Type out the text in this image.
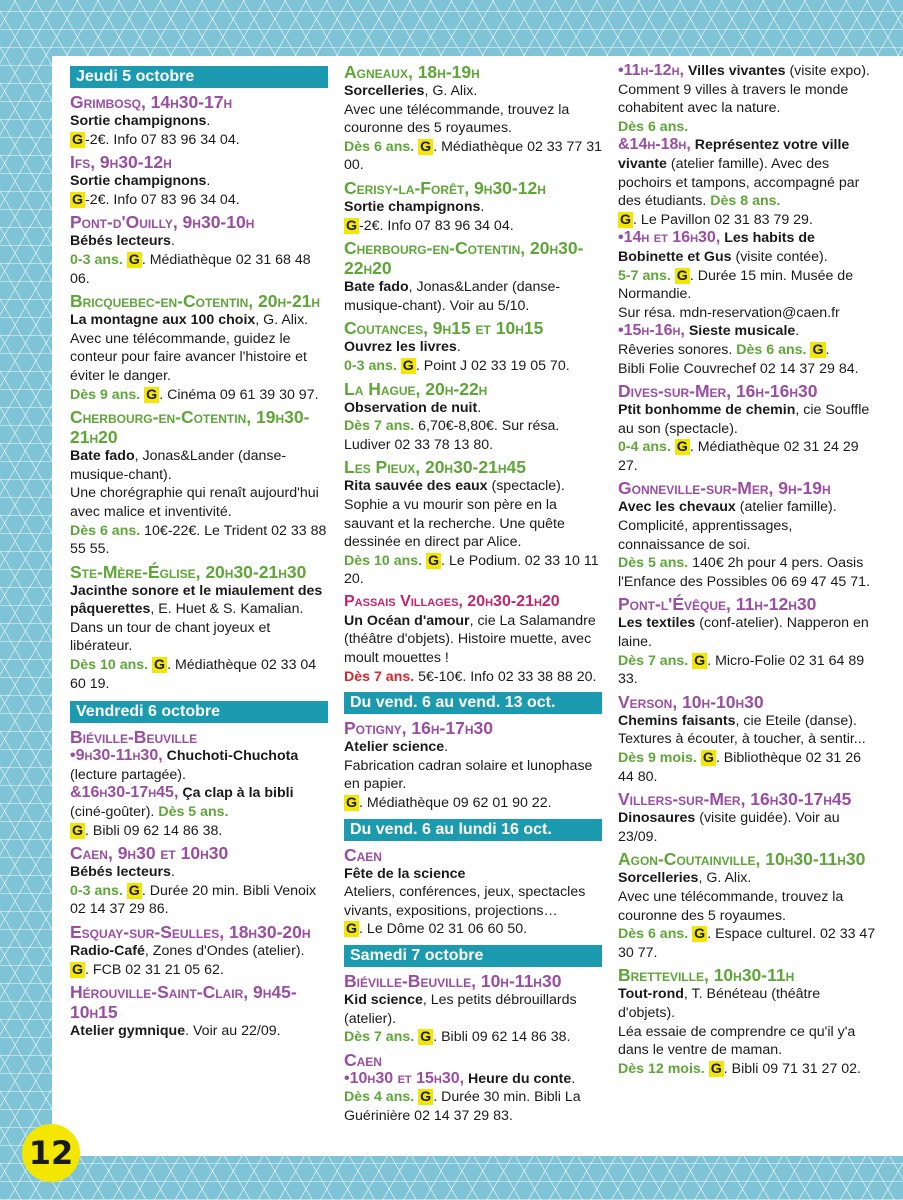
Jeudi 5 octobre
Grimbosq, 14h30-17h
Sortie champignons.
G -2€. Info 07 83 96 34 04.
Ifs, 9h30-12h
Sortie champignons.
G -2€. Info 07 83 96 34 04.
Pont-d'Ouilly, 9h30-10h
Bébés lecteurs.
0-3 ans. G . Médiathèque 02 31 68 48 06.
Bricquebec-en-Cotentin, 20h-21h
La montagne aux 100 choix, G. Alix.
Avec une télécommande, guidez le conteur pour faire avancer l'histoire et éviter le danger.
Dès 9 ans. G . Cinéma 09 61 39 30 97.
Cherbourg-en-Cotentin, 19h30-21h20
Bate fado, Jonas&Lander (danse-musique-chant).
Une chorégraphie qui renaît aujourd'hui avec malice et inventivité.
Dès 6 ans. 10€-22€. Le Trident 02 33 88 55 55.
Ste-Mère-Église, 20h30-21h30
Jacinthe sonore et le miaulement des pâquerettes, E. Huet & S. Kamalian.
Dans un tour de chant joyeux et libérateur.
Dès 10 ans. G . Médiathèque 02 33 04 60 19.
Vendredi 6 octobre
Biéville-Beuville
•9h30-11h30, Chuchoti-Chuchota (lecture partagée).
&16h30-17h45, Ça clap à la bibli (ciné-goûter). Dès 5 ans.
G . Bibli 09 62 14 86 38.
Caen, 9h30 et 10h30
Bébés lecteurs.
0-3 ans. G . Durée 20 min. Bibli Venoix 02 14 37 29 86.
Esquay-sur-Seulles, 18h30-20h
Radio-Café, Zones d'Ondes (atelier).
G . FCB 02 31 21 05 62.
Hérouville-Saint-Clair, 9h45-10h15
Atelier gymnique. Voir au 22/09.
Agneaux, 18h-19h
Sorcelleries, G. Alix.
Avec une télécommande, trouvez la couronne des 5 royaumes.
Dès 6 ans. G . Médiathèque 02 33 77 31 00.
Cerisy-la-Forêt, 9h30-12h
Sortie champignons.
G -2€. Info 07 83 96 34 04.
Cherbourg-en-Cotentin, 20h30-22h20
Bate fado, Jonas&Lander (danse-musique-chant). Voir au 5/10.
Coutances, 9h15 et 10h15
Ouvrez les livres.
0-3 ans. G . Point J 02 33 19 05 70.
La Hague, 20h-22h
Observation de nuit.
Dès 7 ans. 6,70€-8,80€. Sur résa. Ludiver 02 33 78 13 80.
Les Pieux, 20h30-21h45
Rita sauvée des eaux (spectacle). Sophie a vu mourir son père en la sauvant et la recherche. Une quête dessinée en direct par Alice.
Dès 10 ans. G . Le Podium. 02 33 10 11 20.
Passais Villages, 20h30-21h20
Un Océan d'amour, cie La Salamandre (théâtre d'objets). Histoire muette, avec moult mouettes !
Dès 7 ans. 5€-10€. Info 02 33 38 88 20.
Du vend. 6 au vend. 13 oct.
Potigny, 16h-17h30
Atelier science.
Fabrication cadran solaire et lunophase en papier.
G . Médiathèque 09 62 01 90 22.
Du vend. 6 au lundi 16 oct.
Caen
Fête de la science
Ateliers, conférences, jeux, spectacles vivants, expositions, projections…
G . Le Dôme 02 31 06 60 50.
Samedi 7 octobre
Biéville-Beuville, 10h-11h30
Kid science, Les petits débrouillards (atelier).
Dès 7 ans. G . Bibli 09 62 14 86 38.
Caen
•10h30 et 15h30, Heure du conte. Dès 4 ans. G . Durée 30 min. Bibli La Guérinière 02 14 37 29 83.
•11h-12h, Villes vivantes (visite expo). Comment 9 villes à travers le monde cohabitent avec la nature.
Dès 6 ans.
&14h-18h, Représentez votre ville vivante (atelier famille). Avec des pochoirs et tampons, accompagné par des étudiants. Dès 8 ans.
G . Le Pavillon 02 31 83 79 29.
•14h et 16h30, Les habits de Bobinette et Gus (visite contée).
5-7 ans. G . Durée 15 min. Musée de Normandie.
Sur résa. mdn-reservation@caen.fr
•15h-16h, Sieste musicale.
Rêveries sonores. Dès 6 ans. G .
Bibli Folie Couvrechef 02 14 37 29 84.
Dives-sur-Mer, 16h-16h30
Ptit bonhomme de chemin, cie Souffle au son (spectacle).
0-4 ans. G . Médiathèque 02 31 24 29 27.
Gonneville-sur-Mer, 9h-19h
Avec les chevaux (atelier famille). Complicité, apprentissages, connaissance de soi.
Dès 5 ans. 140€ 2h pour 4 pers. Oasis l'Enfance des Possibles 06 69 47 45 71.
Pont-l'Évêque, 11h-12h30
Les textiles (conf-atelier). Napperon en laine.
Dès 7 ans. G . Micro-Folie 02 31 64 89 33.
Verson, 10h-10h30
Chemins faisants, cie Eteile (danse). Textures à écouter, à toucher, à sentir...
Dès 9 mois. G . Bibliothèque 02 31 26 44 80.
Villers-sur-Mer, 16h30-17h45
Dinosaures (visite guidée). Voir au 23/09.
Agon-Coutainville, 10h30-11h30
Sorcelleries, G. Alix.
Avec une télécommande, trouvez la couronne des 5 royaumes.
Dès 6 ans. G . Espace culturel. 02 33 47 30 77.
Bretteville, 10h30-11h
Tout-rond, T. Bénéteau (théâtre d'objets).
Léa essaie de comprendre ce qu'il y'a dans le ventre de maman.
Dès 12 mois. G . Bibli 09 71 31 27 02.
12
